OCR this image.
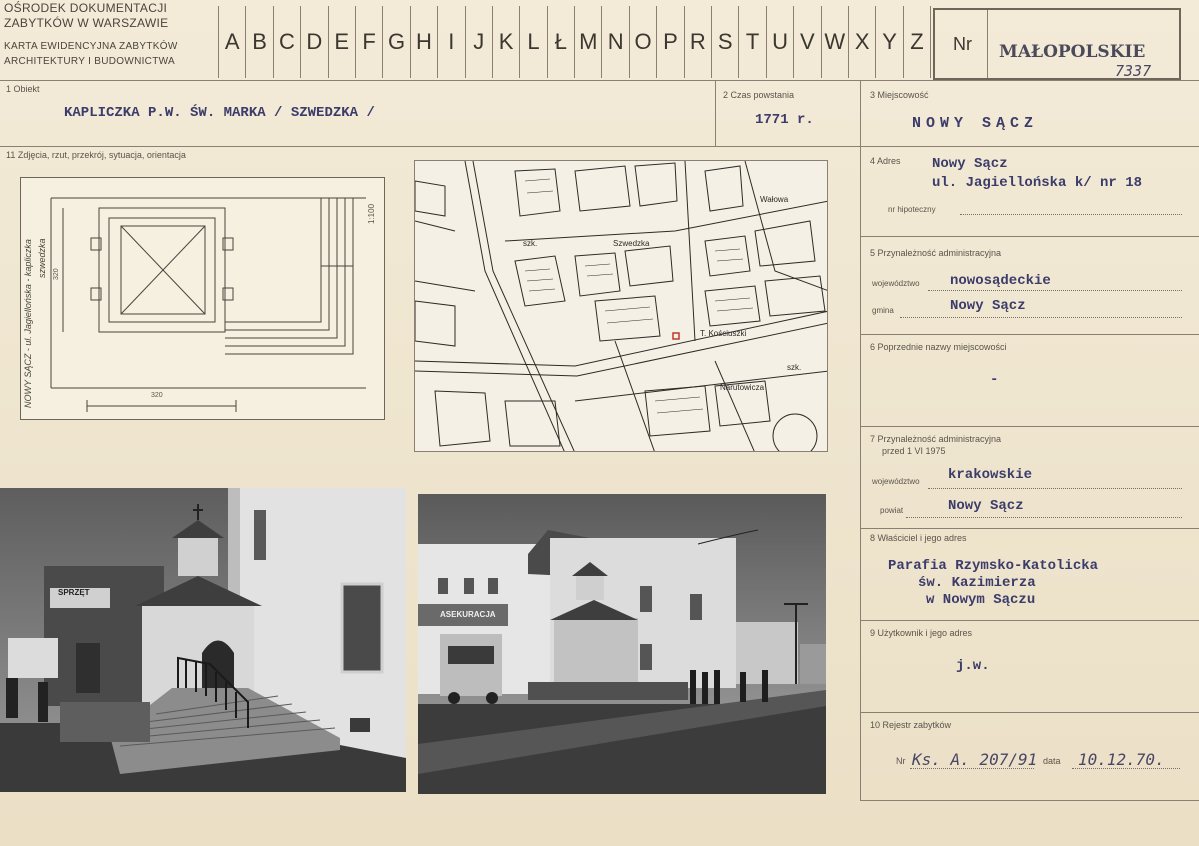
OŚRODEK DOKUMENTACJI
ZABYTKÓW W WARSZAWIE
KARTA EWIDENCYJNA ZABYTKÓW
ARCHITEKTURY I BUDOWNICTWA
A B C D E F G H I J K L Ł M N O P R S T U V W X Y Z	Nr MAŁOPOLSKIE
7337
1 Obiekt
KAPLICZKA P.W. ŚW. MARKA / SZWEDZKA /
2 Czas powstania
1771 r.
3 Miejscowość
NOWY SĄCZ
11 Zdjęcia, rzut, przekrój, sytuacja, orientacja
NOWY SĄCZ - ul. Jagiellońska - kapliczka szwedzka
1:100
320
320
Szwedzka
T. Kościuszki
Narutowicza
Wałowa
szk.
szk.
SPRZĘT
ASEKURACJA
4 Adres Nowy Sącz
ul. Jagiellońska k/ nr 18
nr hipoteczny
5 Przynależność administracyjna
województwo nowosądeckie
gmina	Nowy Sącz
6 Poprzednie nazwy miejscowości
-
7 Przynależność administracyjna
przed 1 VI 1975
województwo krakowskie
powiat	Nowy Sącz
8 Właściciel i jego adres
Parafia Rzymsko-Katolicka
św. Kazimierza
w Nowym Sączu
9 Użytkownik i jego adres
j.w.
10 Rejestr zabytków
Nr Ks. A. 207/91 data 10.12.70.
